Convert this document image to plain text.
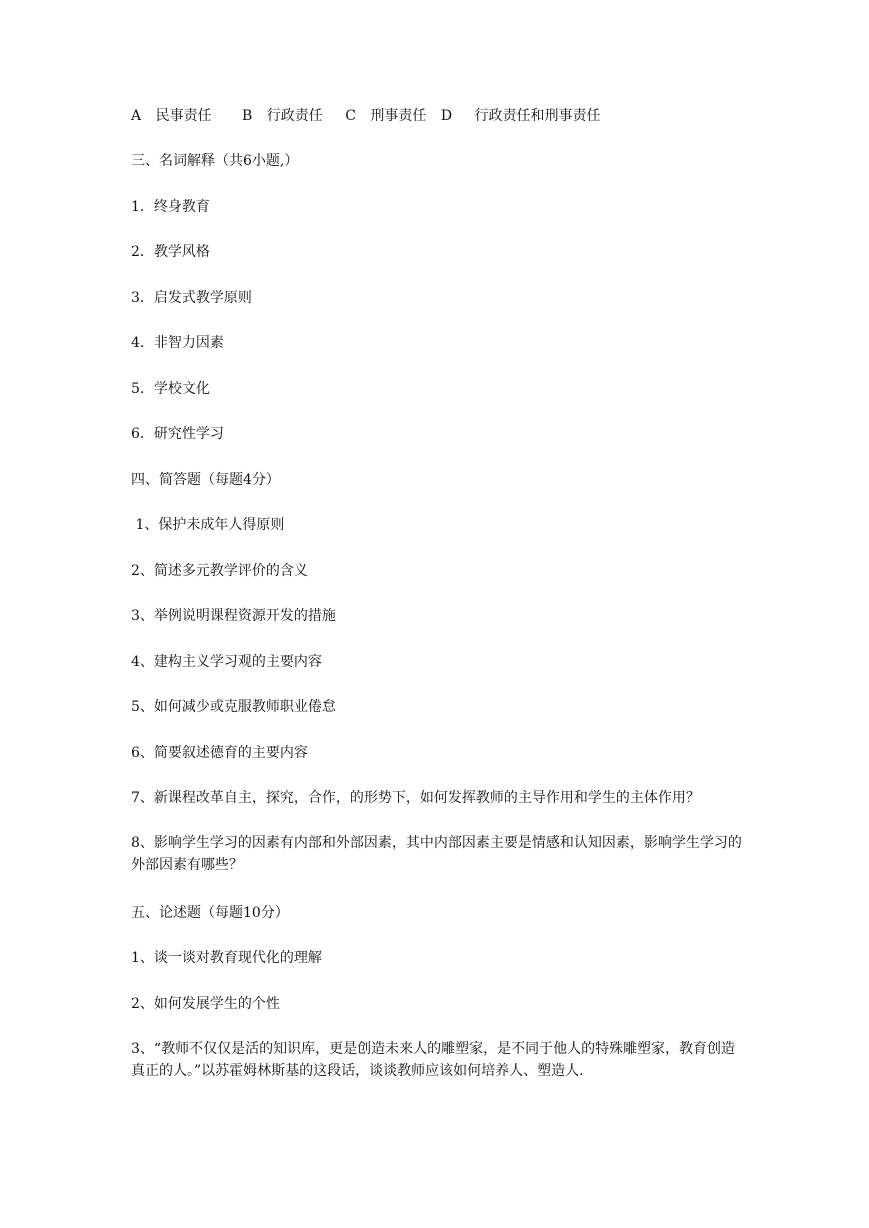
A 民事责任 B 行政责任 C 刑事责任 D 行政责任和刑事责任
三、名词解释（共6小题,）
1．终身教育
2．教学风格
3．启发式教学原则
4．非智力因素
5．学校文化
6．研究性学习
四、简答题（每题4分）
1、保护未成年人得原则
2、简述多元教学评价的含义
3、举例说明课程资源开发的措施
4、建构主义学习观的主要内容
5、如何减少或克服教师职业倦怠
6、简要叙述德育的主要内容
7、新课程改革自主，探究，合作，的形势下，如何发挥教师的主导作用和学生的主体作用？
8、影响学生学习的因素有内部和外部因素，其中内部因素主要是情感和认知因素，影响学生学习的外部因素有哪些？
五、论述题（每题10分）
1、谈一谈对教育现代化的理解
2、如何发展学生的个性
3、“教师不仅仅是活的知识库，更是创造未来人的雕塑家，是不同于他人的特殊雕塑家，教育创造真正的人。”以苏霍姆林斯基的这段话，谈谈教师应该如何培养人、塑造人.
